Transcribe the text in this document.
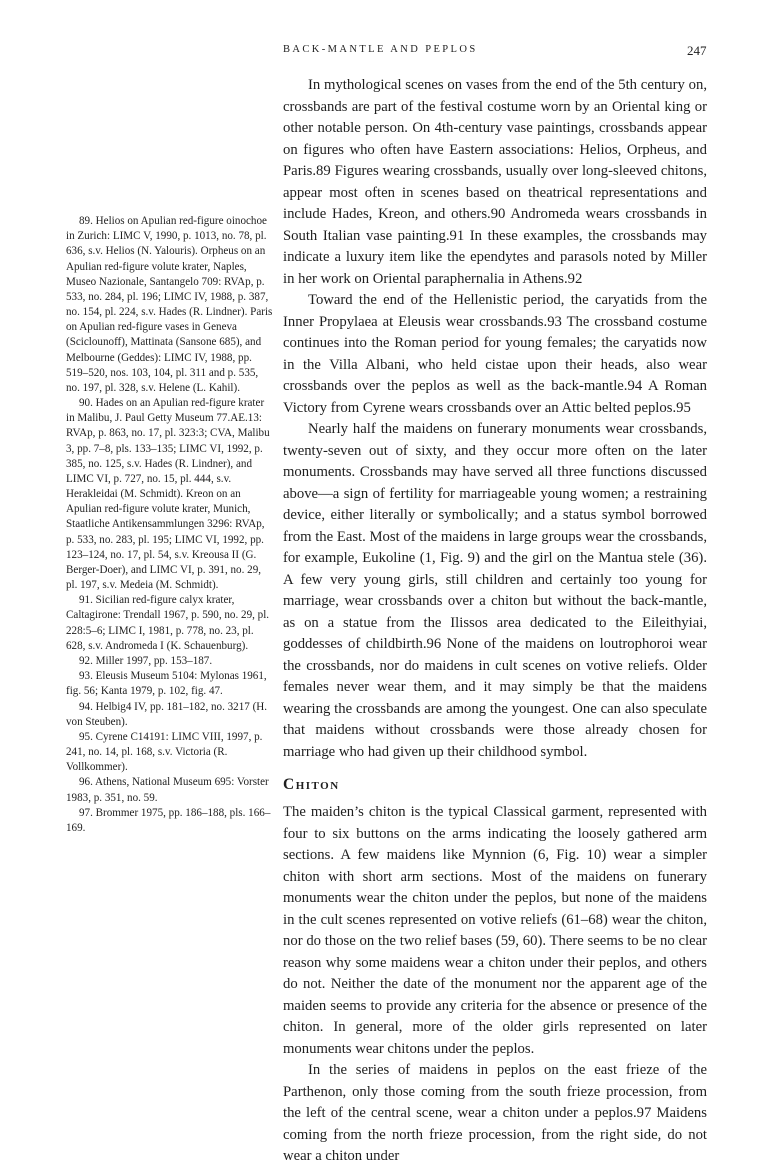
BACK-MANTLE AND PEPLOS	247

89. Helios on Apulian red-figure oinochoe in Zurich: LIMC V, 1990, p. 1013, no. 78, pl. 636, s.v. Helios (N. Yalouris). Orpheus on an Apulian red-figure volute krater, Naples, Museo Nazionale, Santangelo 709: RVAp, p. 533, no. 284, pl. 196; LIMC IV, 1988, p. 387, no. 154, pl. 224, s.v. Hades (R. Lindner). Paris on Apulian red-figure vases in Geneva (Sciclounoff), Mattinata (Sansone 685), and Melbourne (Geddes): LIMC IV, 1988, pp. 519–520, nos. 103, 104, pl. 311 and p. 535, no. 197, pl. 328, s.v. Helene (L. Kahil).

90. Hades on an Apulian red-figure krater in Malibu, J. Paul Getty Museum 77.AE.13: RVAp, p. 863, no. 17, pl. 323:3; CVA, Malibu 3, pp. 7–8, pls. 133–135; LIMC VI, 1992, p. 385, no. 125, s.v. Hades (R. Lindner), and LIMC VI, p. 727, no. 15, pl. 444, s.v. Herakleidai (M. Schmidt). Kreon on an Apulian red-figure volute krater, Munich, Staatliche Antikensammlungen 3296: RVAp, p. 533, no. 283, pl. 195; LIMC VI, 1992, pp. 123–124, no. 17, pl. 54, s.v. Kreousa II (G. Berger-Doer), and LIMC VI, p. 391, no. 29, pl. 197, s.v. Medeia (M. Schmidt).

91. Sicilian red-figure calyx krater, Caltagirone: Trendall 1967, p. 590, no. 29, pl. 228:5–6; LIMC I, 1981, p. 778, no. 23, pl. 628, s.v. Andromeda I (K. Schauenburg).

92. Miller 1997, pp. 153–187.

93. Eleusis Museum 5104: Mylonas 1961, fig. 56; Kanta 1979, p. 102, fig. 47.

94. Helbig4 IV, pp. 181–182, no. 3217 (H. von Steuben).

95. Cyrene C14191: LIMC VIII, 1997, p. 241, no. 14, pl. 168, s.v. Victoria (R. Vollkommer).

96. Athens, National Museum 695: Vorster 1983, p. 351, no. 59.

97. Brommer 1975, pp. 186–188, pls. 166–169.

In mythological scenes on vases from the end of the 5th century on, crossbands are part of the festival costume worn by an Oriental king or other notable person. On 4th-century vase paintings, crossbands appear on figures who often have Eastern associations: Helios, Orpheus, and Paris.89 Figures wearing crossbands, usually over long-sleeved chitons, appear most often in scenes based on theatrical representations and include Hades, Kreon, and others.90 Andromeda wears crossbands in South Italian vase painting.91 In these examples, the crossbands may indicate a luxury item like the ependytes and parasols noted by Miller in her work on Oriental paraphernalia in Athens.92

Toward the end of the Hellenistic period, the caryatids from the Inner Propylaea at Eleusis wear crossbands.93 The crossband costume continues into the Roman period for young females; the caryatids now in the Villa Albani, who held cistae upon their heads, also wear crossbands over the peplos as well as the back-mantle.94 A Roman Victory from Cyrene wears crossbands over an Attic belted peplos.95

Nearly half the maidens on funerary monuments wear crossbands, twenty-seven out of sixty, and they occur more often on the later monuments. Crossbands may have served all three functions discussed above—a sign of fertility for marriageable young women; a restraining device, either literally or symbolically; and a status symbol borrowed from the East. Most of the maidens in large groups wear the crossbands, for example, Eukoline (1, Fig. 9) and the girl on the Mantua stele (36). A few very young girls, still children and certainly too young for marriage, wear crossbands over a chiton but without the back-mantle, as on a statue from the Ilissos area dedicated to the Eileithyiai, goddesses of childbirth.96 None of the maidens on loutrophoroi wear the crossbands, nor do maidens in cult scenes on votive reliefs. Older females never wear them, and it may simply be that the maidens wearing the crossbands are among the youngest. One can also speculate that maidens without crossbands were those already chosen for marriage who had given up their childhood symbol.

Chiton

The maiden’s chiton is the typical Classical garment, represented with four to six buttons on the arms indicating the loosely gathered arm sections. A few maidens like Mynnion (6, Fig. 10) wear a simpler chiton with short arm sections. Most of the maidens on funerary monuments wear the chiton under the peplos, but none of the maidens in the cult scenes represented on votive reliefs (61–68) wear the chiton, nor do those on the two relief bases (59, 60). There seems to be no clear reason why some maidens wear a chiton under their peplos, and others do not. Neither the date of the monument nor the apparent age of the maiden seems to provide any criteria for the absence or presence of the chiton. In general, more of the older girls represented on later monuments wear chitons under the peplos.

In the series of maidens in peplos on the east frieze of the Parthenon, only those coming from the south frieze procession, from the left of the central scene, wear a chiton under a peplos.97 Maidens coming from the north frieze procession, from the right side, do not wear a chiton under
